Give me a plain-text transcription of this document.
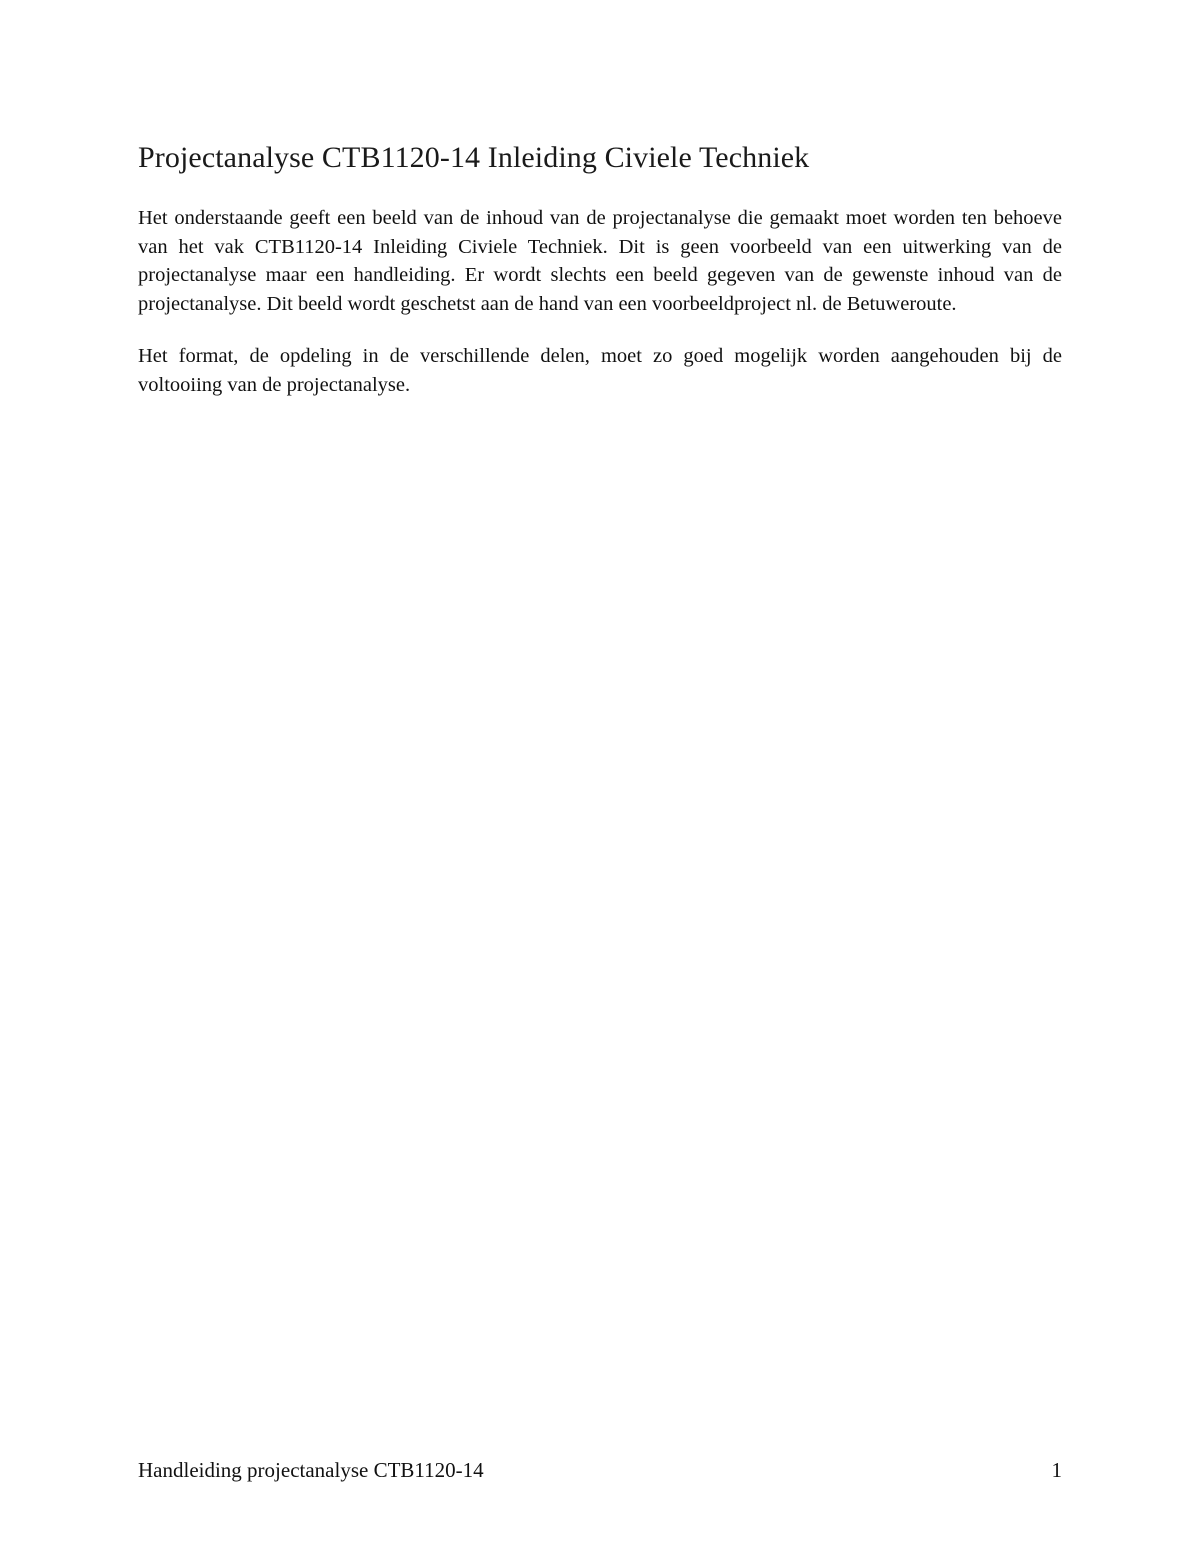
Projectanalyse CTB1120-14 Inleiding Civiele Techniek

Het onderstaande geeft een beeld van de inhoud van de projectanalyse die gemaakt moet worden ten behoeve van het vak CTB1120-14 Inleiding Civiele Techniek. Dit is geen voorbeeld van een uitwerking van de projectanalyse maar een handleiding. Er wordt slechts een beeld gegeven van de gewenste inhoud van de projectanalyse. Dit beeld wordt geschetst aan de hand van een voorbeeldproject nl. de Betuweroute.

Het format, de opdeling in de verschillende delen, moet zo goed mogelijk worden aangehouden bij de voltooiing van de projectanalyse.

Handleiding projectanalyse CTB1120-14	1
